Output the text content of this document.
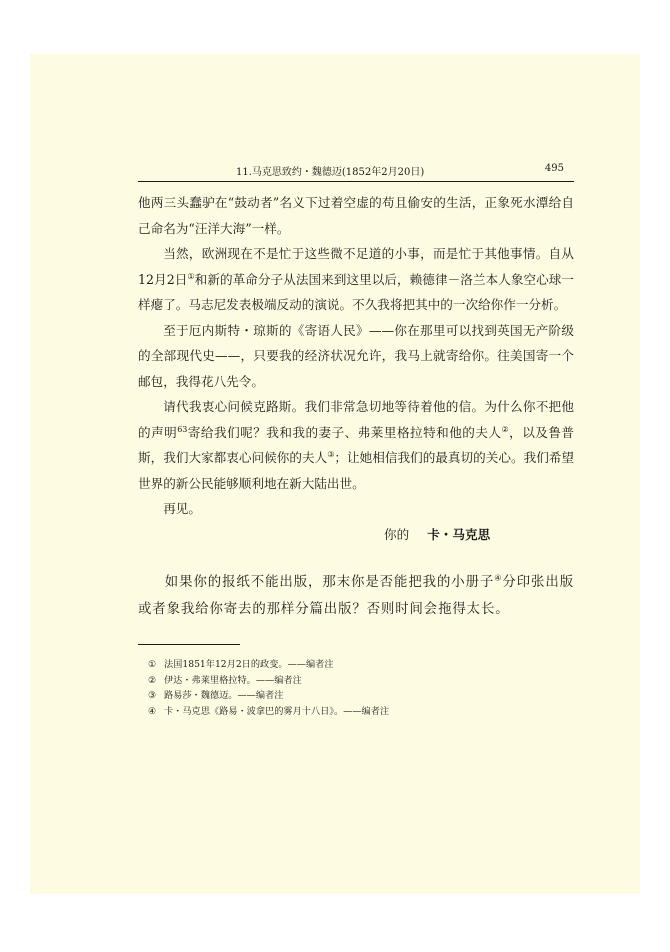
11.马克思致约・魏德迈(1852年2月20日)	495

他两三头蠢驴在“鼓动者”名义下过着空虚的苟且偷安的生活，正象死水潭给自己命名为“汪洋大海”一样。

当然，欧洲现在不是忙于这些微不足道的小事，而是忙于其他事情。自从12月2日①和新的革命分子从法国来到这里以后，赖德律－洛兰本人象空心球一样瘪了。马志尼发表极端反动的演说。不久我将把其中的一次给你作一分析。

至于厄内斯特・琼斯的《寄语人民》——你在那里可以找到英国无产阶级的全部现代史——，只要我的经济状况允许，我马上就寄给你。往美国寄一个邮包，我得花八先令。

请代我衷心问候克路斯。我们非常急切地等待着他的信。为什么你不把他的声明$^{63}$寄给我们呢？我和我的妻子、弗莱里格拉特和他的夫人②，以及鲁普斯，我们大家都衷心问候你的夫人③；让她相信我们的最真切的关心。我们希望世界的新公民能够顺利地在新大陆出世。

再见。

你的 卡・马克思

如果你的报纸不能出版，那末你是否能把我的小册子④分印张出版或者象我给你寄去的那样分篇出版？否则时间会拖得太长。

① 法国1851年12月2日的政变。——编者注
② 伊达・弗莱里格拉特。——编者注
③ 路易莎・魏德迈。——编者注
④ 卡・马克思《路易・波拿巴的雾月十八日》。——编者注
